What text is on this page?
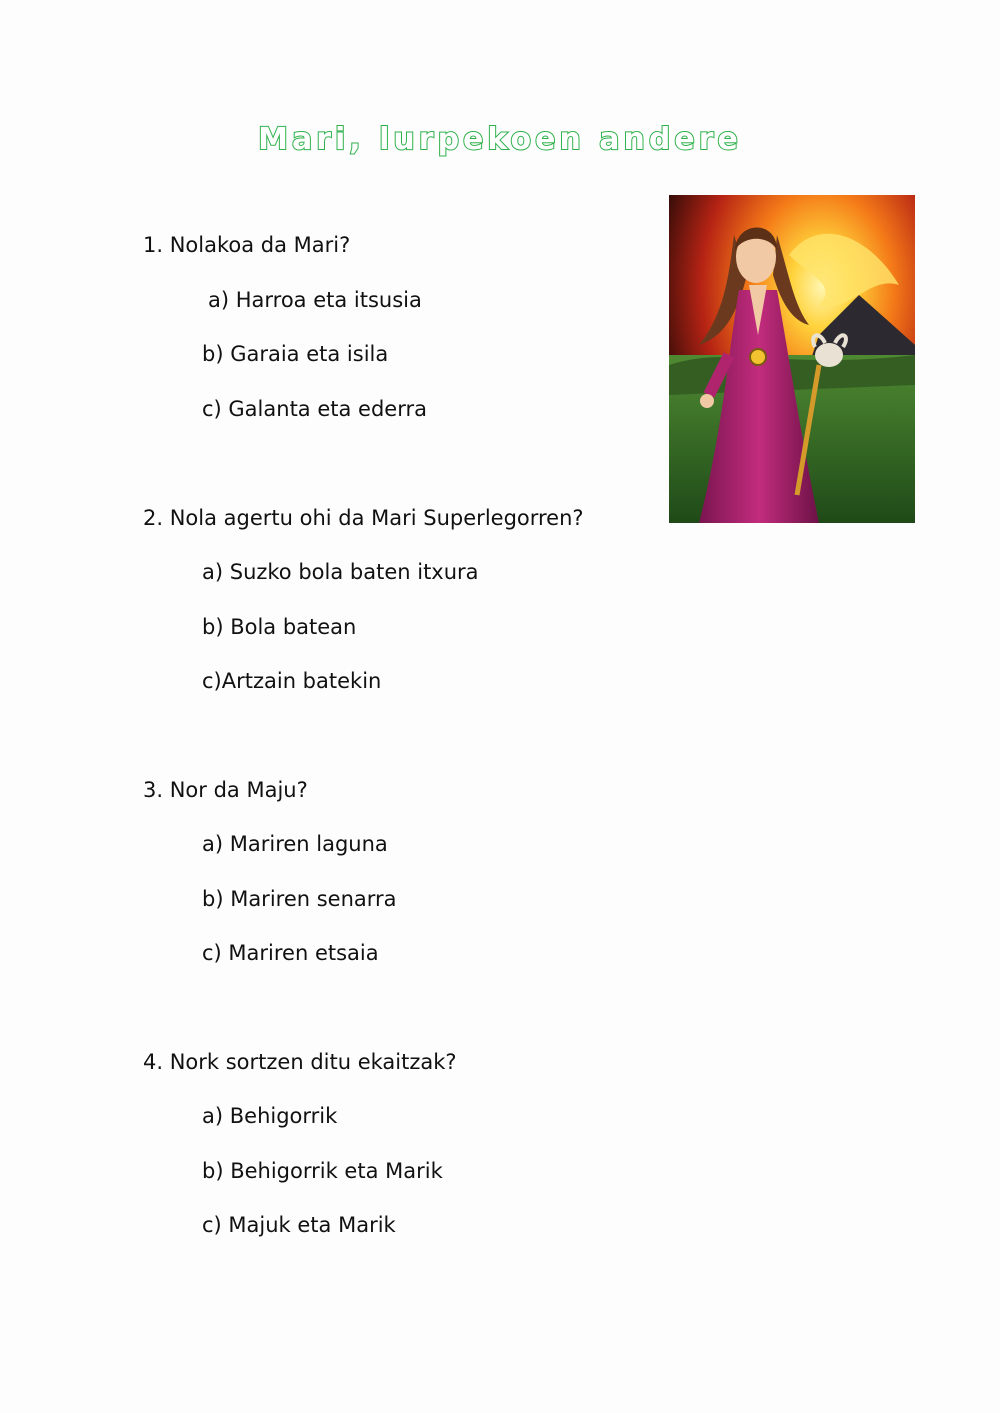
Mari, lurpekoen andere
1. Nolakoa da Mari?
a) Harroa eta itsusia
b) Garaia eta isila
c) Galanta eta ederra
2. Nola agertu ohi da Mari Superlegorren?
a) Suzko bola baten itxura
b) Bola batean
c)Artzain batekin
3. Nor da Maju?
a) Mariren laguna
b) Mariren senarra
c) Mariren etsaia
4. Nork sortzen ditu ekaitzak?
a) Behigorrik
b) Behigorrik eta Marik
c) Majuk eta Marik
